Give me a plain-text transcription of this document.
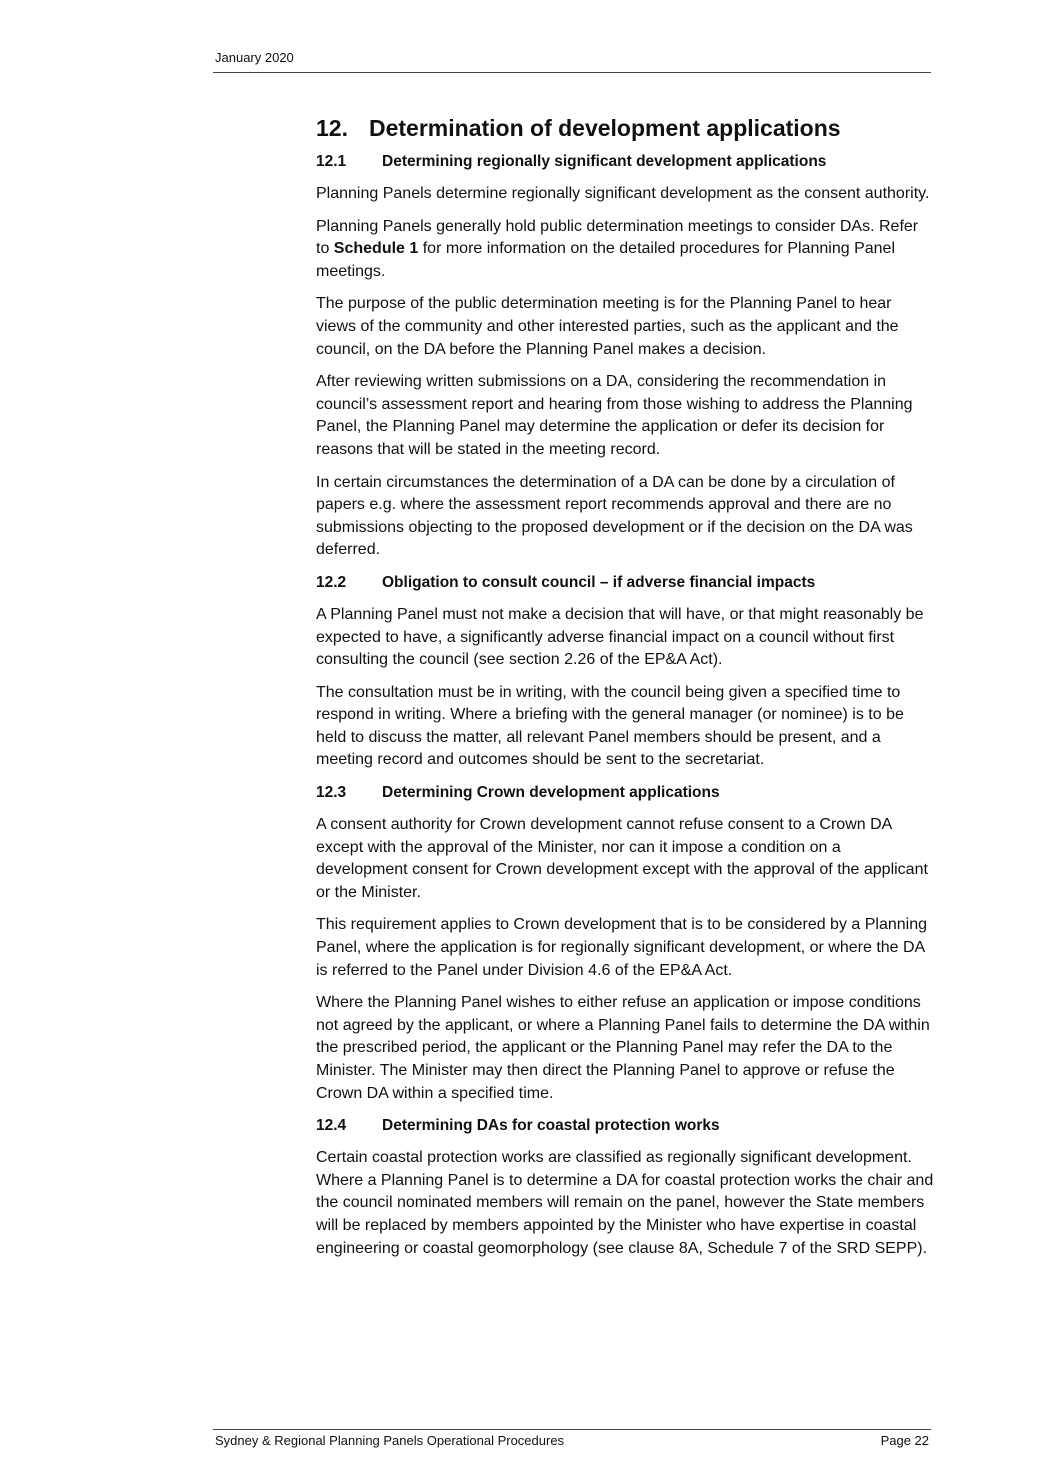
January 2020
12. Determination of development applications
12.1	Determining regionally significant development applications

Planning Panels determine regionally significant development as the consent authority.

Planning Panels generally hold public determination meetings to consider DAs. Refer to Schedule 1 for more information on the detailed procedures for Planning Panel meetings.

The purpose of the public determination meeting is for the Planning Panel to hear views of the community and other interested parties, such as the applicant and the council, on the DA before the Planning Panel makes a decision.

After reviewing written submissions on a DA, considering the recommendation in council’s assessment report and hearing from those wishing to address the Planning Panel, the Planning Panel may determine the application or defer its decision for reasons that will be stated in the meeting record.

In certain circumstances the determination of a DA can be done by a circulation of papers e.g. where the assessment report recommends approval and there are no submissions objecting to the proposed development or if the decision on the DA was deferred.

12.2	Obligation to consult council – if adverse financial impacts

A Planning Panel must not make a decision that will have, or that might reasonably be expected to have, a significantly adverse financial impact on a council without first consulting the council (see section 2.26 of the EP&A Act).

The consultation must be in writing, with the council being given a specified time to respond in writing. Where a briefing with the general manager (or nominee) is to be held to discuss the matter, all relevant Panel members should be present, and a meeting record and outcomes should be sent to the secretariat.

12.3	Determining Crown development applications

A consent authority for Crown development cannot refuse consent to a Crown DA except with the approval of the Minister, nor can it impose a condition on a development consent for Crown development except with the approval of the applicant or the Minister.

This requirement applies to Crown development that is to be considered by a Planning Panel, where the application is for regionally significant development, or where the DA is referred to the Panel under Division 4.6 of the EP&A Act.

Where the Planning Panel wishes to either refuse an application or impose conditions not agreed by the applicant, or where a Planning Panel fails to determine the DA within the prescribed period, the applicant or the Planning Panel may refer the DA to the Minister. The Minister may then direct the Planning Panel to approve or refuse the Crown DA within a specified time.

12.4	Determining DAs for coastal protection works

Certain coastal protection works are classified as regionally significant development. Where a Planning Panel is to determine a DA for coastal protection works the chair and the council nominated members will remain on the panel, however the State members will be replaced by members appointed by the Minister who have expertise in coastal engineering or coastal geomorphology (see clause 8A, Schedule 7 of the SRD SEPP).

Sydney & Regional Planning Panels Operational Procedures	Page 22
